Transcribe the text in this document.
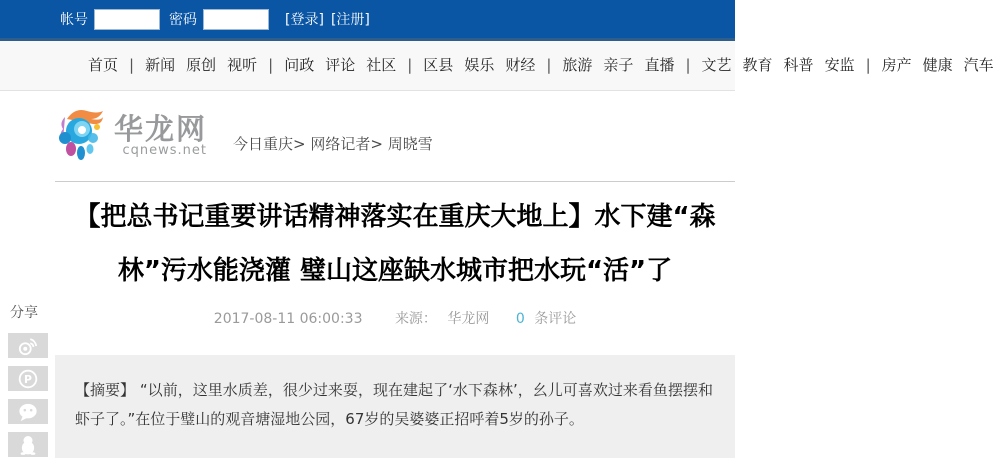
帐号	密码	[登录] [注册]
首页 | 新闻 原创 视听 | 问政 评论 社区 | 区县 娱乐 财经 | 旅游 亲子 直播 | 文艺 教育 科普 安监 | 房产 健康 汽车
华龙网
cqnews.net 今日重庆> 网络记者> 周晓雪
【把总书记重要讲话精神落实在重庆大地上】水下建“森
林”污水能浇灌 璧山这座缺水城市把水玩“活”了
2017-08-11 06:00:33 来源： 华龙网 0 条评论
【摘要】 “以前，这里水质差，很少过来耍，现在建起了‘水下森林’，幺儿可喜欢过来看鱼摆摆和虾子了。”在位于璧山的观音塘湿地公园，67岁的吴婆婆正招呼着5岁的孙子。
分享
P
